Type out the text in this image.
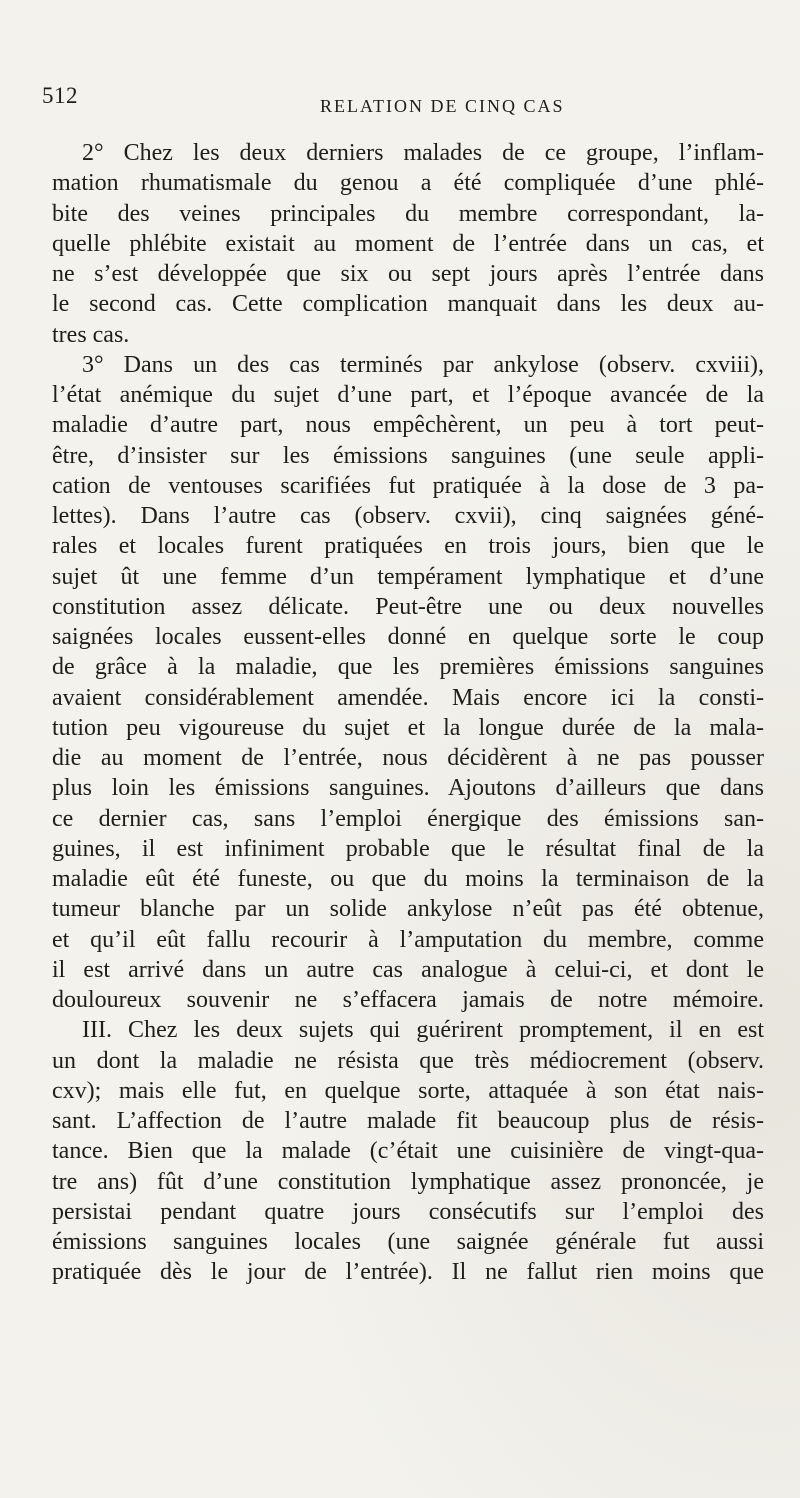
512	RELATION DE CINQ CAS
2° Chez les deux derniers malades de ce groupe, l’inflam-
mation rhumatismale du genou a été compliquée d’une phlé-
bite des veines principales du membre correspondant, la-
quelle phlébite existait au moment de l’entrée dans un cas, et
ne s’est développée que six ou sept jours après l’entrée dans
le second cas. Cette complication manquait dans les deux au-
tres cas.
3° Dans un des cas terminés par ankylose (observ. cxviii),
l’état anémique du sujet d’une part, et l’époque avancée de la
maladie d’autre part, nous empêchèrent, un peu à tort peut-
être, d’insister sur les émissions sanguines (une seule appli-
cation de ventouses scarifiées fut pratiquée à la dose de 3 pa-
lettes). Dans l’autre cas (observ. cxvii), cinq saignées géné-
rales et locales furent pratiquées en trois jours, bien que le
sujet ût une femme d’un tempérament lymphatique et d’une
constitution assez délicate. Peut-être une ou deux nouvelles
saignées locales eussent-elles donné en quelque sorte le coup
de grâce à la maladie, que les premières émissions sanguines
avaient considérablement amendée. Mais encore ici la consti-
tution peu vigoureuse du sujet et la longue durée de la mala-
die au moment de l’entrée, nous décidèrent à ne pas pousser
plus loin les émissions sanguines. Ajoutons d’ailleurs que dans
ce dernier cas, sans l’emploi énergique des émissions san-
guines, il est infiniment probable que le résultat final de la
maladie eût été funeste, ou que du moins la terminaison de la
tumeur blanche par un solide ankylose n’eût pas été obtenue,
et qu’il eût fallu recourir à l’amputation du membre, comme
il est arrivé dans un autre cas analogue à celui-ci, et dont le
douloureux souvenir ne s’effacera jamais de notre mémoire.
III. Chez les deux sujets qui guérirent promptement, il en est
un dont la maladie ne résista que très médiocrement (observ.
cxv); mais elle fut, en quelque sorte, attaquée à son état nais-
sant. L’affection de l’autre malade fit beaucoup plus de résis-
tance. Bien que la malade (c’était une cuisinière de vingt-qua-
tre ans) fût d’une constitution lymphatique assez prononcée, je
persistai pendant quatre jours consécutifs sur l’emploi des
émissions sanguines locales (une saignée générale fut aussi
pratiquée dès le jour de l’entrée). Il ne fallut rien moins que
